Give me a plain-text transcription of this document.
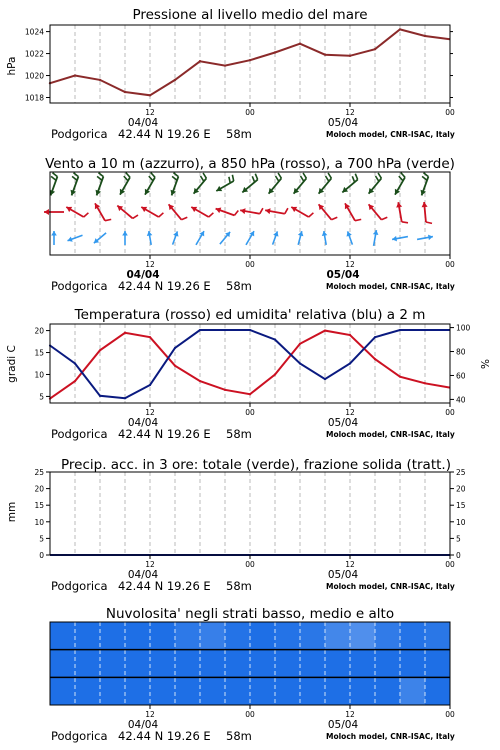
Pressione al livello medio del mare
Vento a 10 m (azzurro), a 850 hPa (rosso), a 700 hPa (verde)
Temperatura (rosso) ed umidita' relativa (blu) a 2 m
Precip. acc. in 3 ore: totale (verde), frazione solida (tratt.)
Nuvolosita' negli strati basso, medio e alto
hPa
gradi C	%
mm
12	00	12	00
04/04	05/04
Podgorica 42.44 N 19.26 E 58m	Moloch model, CNR-ISAC, Italy
12	00	12	00
04/04	05/04
Podgorica 42.44 N 19.26 E 58m	Moloch model, CNR-ISAC, Italy
12	00	12	00
04/04	05/04
Podgorica 42.44 N 19.26 E 58m	Moloch model, CNR-ISAC, Italy
12	00	12	00
04/04	05/04
Podgorica 42.44 N 19.26 E 58m	Moloch model, CNR-ISAC, Italy
12	00	12	00
04/04	05/04
Podgorica 42.44 N 19.26 E 58m	Moloch model, CNR-ISAC, Italy
1018
1020
1022
1024
5
10
15
20
40
60
80
100
0	0
5	5
10	10
15	15
20	20
25	25
